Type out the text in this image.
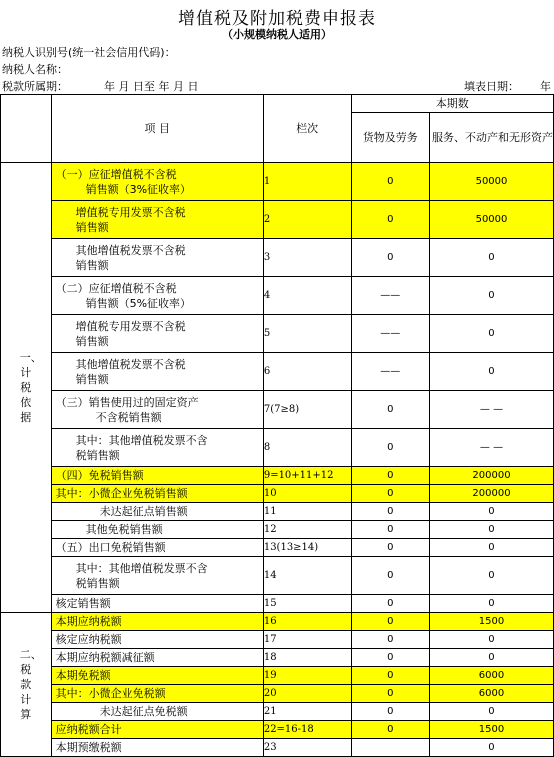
增值税及附加税费申报表
（小规模纳税人适用）
纳税人识别号(统一社会信用代码)：
纳税人名称：
税款所属期：	年 月 日至 年 月 日	填表日期： 年
	项 目	栏次	本期数	
			货物及劳务	服务、不动产和无形资产

一、计税依据	（一）应征增值税不含税
销售额（3%征收率）	1	0	50000

	增值税专用发票不含税
销售额	2	0	50000

	其他增值税发票不含税
销售额	3	0	0

	（二）应征增值税不含税
销售额（5%征收率）	4	——	0

	增值税专用发票不含税
销售额	5	——	0

	其他增值税发票不含税
销售额	6	——	0

	（三）销售使用过的固定资产
不含税销售额	7(7≥8)	0	— —

	其中：其他增值税发票不含
税销售额	8	0	— —

	（四）免税销售额	9=10+11+12	0	200000

	其中：小微企业免税销售额	10	0	200000

	未达起征点销售额	11	0	0

	其他免税销售额	12	0	0

	（五）出口免税销售额	13(13≥14)	0	0

	其中：其他增值税发票不含
税销售额	14	0	0

	核定销售额	15	0	0

二、税款计算	本期应纳税额	16	0	1500

	核定应纳税额	17	0	0

	本期应纳税额减征额	18	0	0

	本期免税额	19	0	6000

	其中：小微企业免税额	20	0	6000

	未达起征点免税额	21	0	0

	应纳税额合计	22=16-18	0	1500

	本期预缴税额	23		0
